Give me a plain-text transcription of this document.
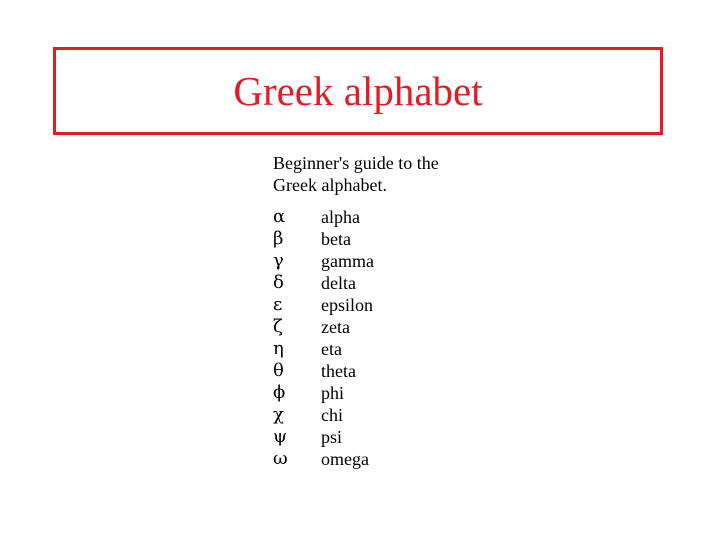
Greek alphabet
Beginner's guide to the
Greek alphabet.
α	alpha
β	beta
γ	gamma
δ	delta
ε	epsilon
ζ	zeta
η	eta
θ	theta
ϕ	phi
χ	chi
ψ	psi
ω	omega
